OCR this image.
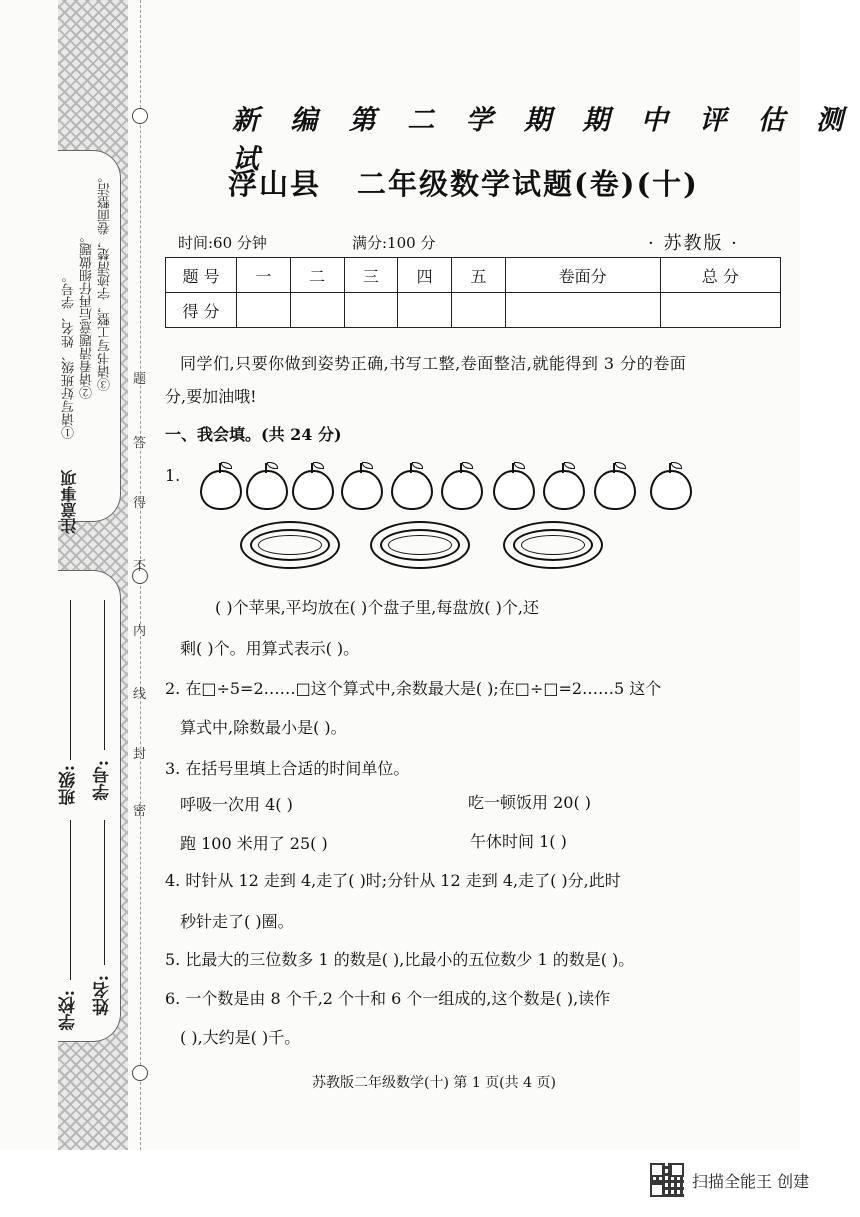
注意事项
①请写好班级、姓名、学号。 ②请看清题意后再仔细做题。 ③请书写工整，字迹清楚，卷面整洁。
班级: 学号:
学校: 姓名:
题
答
得
不
内
线
封
密
新 编 第 二 学 期 期 中 评 估 测 试
浮山县 二年级数学试题(卷)(十)
时间:60 分钟	满分:100 分	· 苏教版 ·
题 号	一	二	三	四	五	卷面分	总 分
得 分							
同学们,只要你做到姿势正确,书写工整,卷面整洁,就能得到 3 分的卷面
分,要加油哦!
一、我会填。(共 24 分)
1.
( )个苹果,平均放在( )个盘子里,每盘放( )个,还
剩( )个。用算式表示( )。
2. 在□÷5=2……□这个算式中,余数最大是( );在□÷□=2……5 这个
算式中,除数最小是( )。
3. 在括号里填上合适的时间单位。
呼吸一次用 4( )	吃一顿饭用 20( )
跑 100 米用了 25( )	午休时间 1( )
4. 时针从 12 走到 4,走了( )时;分针从 12 走到 4,走了( )分,此时
秒针走了( )圈。
5. 比最大的三位数多 1 的数是( ),比最小的五位数少 1 的数是( )。
6. 一个数是由 8 个千,2 个十和 6 个一组成的,这个数是( ),读作
( ),大约是( )千。
苏教版二年级数学(十) 第 1 页(共 4 页)
扫描全能王 创建
